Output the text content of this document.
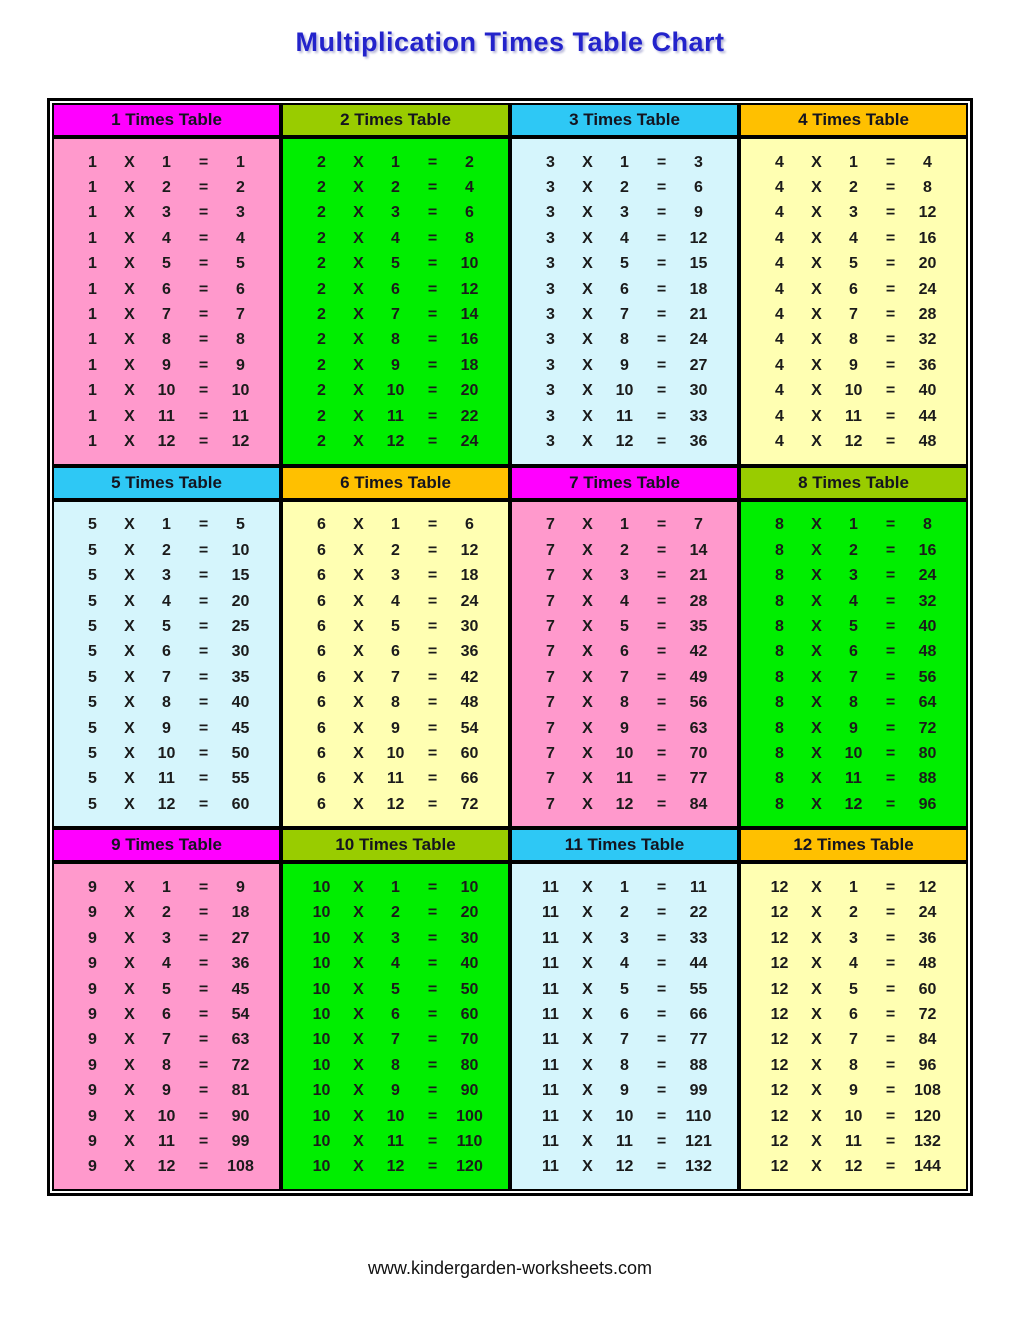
Multiplication Times Table Chart
1 Times Table
1	X	1	=	1
1	X	2	=	2
1	X	3	=	3
1	X	4	=	4
1	X	5	=	5
1	X	6	=	6
1	X	7	=	7
1	X	8	=	8
1	X	9	=	9
1	X	10	=	10
1	X	11	=	11
1	X	12	=	12
2 Times Table
2	X	1	=	2
2	X	2	=	4
2	X	3	=	6
2	X	4	=	8
2	X	5	=	10
2	X	6	=	12
2	X	7	=	14
2	X	8	=	16
2	X	9	=	18
2	X	10	=	20
2	X	11	=	22
2	X	12	=	24
3 Times Table
3	X	1	=	3
3	X	2	=	6
3	X	3	=	9
3	X	4	=	12
3	X	5	=	15
3	X	6	=	18
3	X	7	=	21
3	X	8	=	24
3	X	9	=	27
3	X	10	=	30
3	X	11	=	33
3	X	12	=	36
4 Times Table
4	X	1	=	4
4	X	2	=	8
4	X	3	=	12
4	X	4	=	16
4	X	5	=	20
4	X	6	=	24
4	X	7	=	28
4	X	8	=	32
4	X	9	=	36
4	X	10	=	40
4	X	11	=	44
4	X	12	=	48
5 Times Table
5	X	1	=	5
5	X	2	=	10
5	X	3	=	15
5	X	4	=	20
5	X	5	=	25
5	X	6	=	30
5	X	7	=	35
5	X	8	=	40
5	X	9	=	45
5	X	10	=	50
5	X	11	=	55
5	X	12	=	60
6 Times Table
6	X	1	=	6
6	X	2	=	12
6	X	3	=	18
6	X	4	=	24
6	X	5	=	30
6	X	6	=	36
6	X	7	=	42
6	X	8	=	48
6	X	9	=	54
6	X	10	=	60
6	X	11	=	66
6	X	12	=	72
7 Times Table
7	X	1	=	7
7	X	2	=	14
7	X	3	=	21
7	X	4	=	28
7	X	5	=	35
7	X	6	=	42
7	X	7	=	49
7	X	8	=	56
7	X	9	=	63
7	X	10	=	70
7	X	11	=	77
7	X	12	=	84
8 Times Table
8	X	1	=	8
8	X	2	=	16
8	X	3	=	24
8	X	4	=	32
8	X	5	=	40
8	X	6	=	48
8	X	7	=	56
8	X	8	=	64
8	X	9	=	72
8	X	10	=	80
8	X	11	=	88
8	X	12	=	96
9 Times Table
9	X	1	=	9
9	X	2	=	18
9	X	3	=	27
9	X	4	=	36
9	X	5	=	45
9	X	6	=	54
9	X	7	=	63
9	X	8	=	72
9	X	9	=	81
9	X	10	=	90
9	X	11	=	99
9	X	12	=	108
10 Times Table
10	X	1	=	10
10	X	2	=	20
10	X	3	=	30
10	X	4	=	40
10	X	5	=	50
10	X	6	=	60
10	X	7	=	70
10	X	8	=	80
10	X	9	=	90
10	X	10	=	100
10	X	11	=	110
10	X	12	=	120
11 Times Table
11	X	1	=	11
11	X	2	=	22
11	X	3	=	33
11	X	4	=	44
11	X	5	=	55
11	X	6	=	66
11	X	7	=	77
11	X	8	=	88
11	X	9	=	99
11	X	10	=	110
11	X	11	=	121
11	X	12	=	132
12 Times Table
12	X	1	=	12
12	X	2	=	24
12	X	3	=	36
12	X	4	=	48
12	X	5	=	60
12	X	6	=	72
12	X	7	=	84
12	X	8	=	96
12	X	9	=	108
12	X	10	=	120
12	X	11	=	132
12	X	12	=	144
www.kindergarden-worksheets.com
